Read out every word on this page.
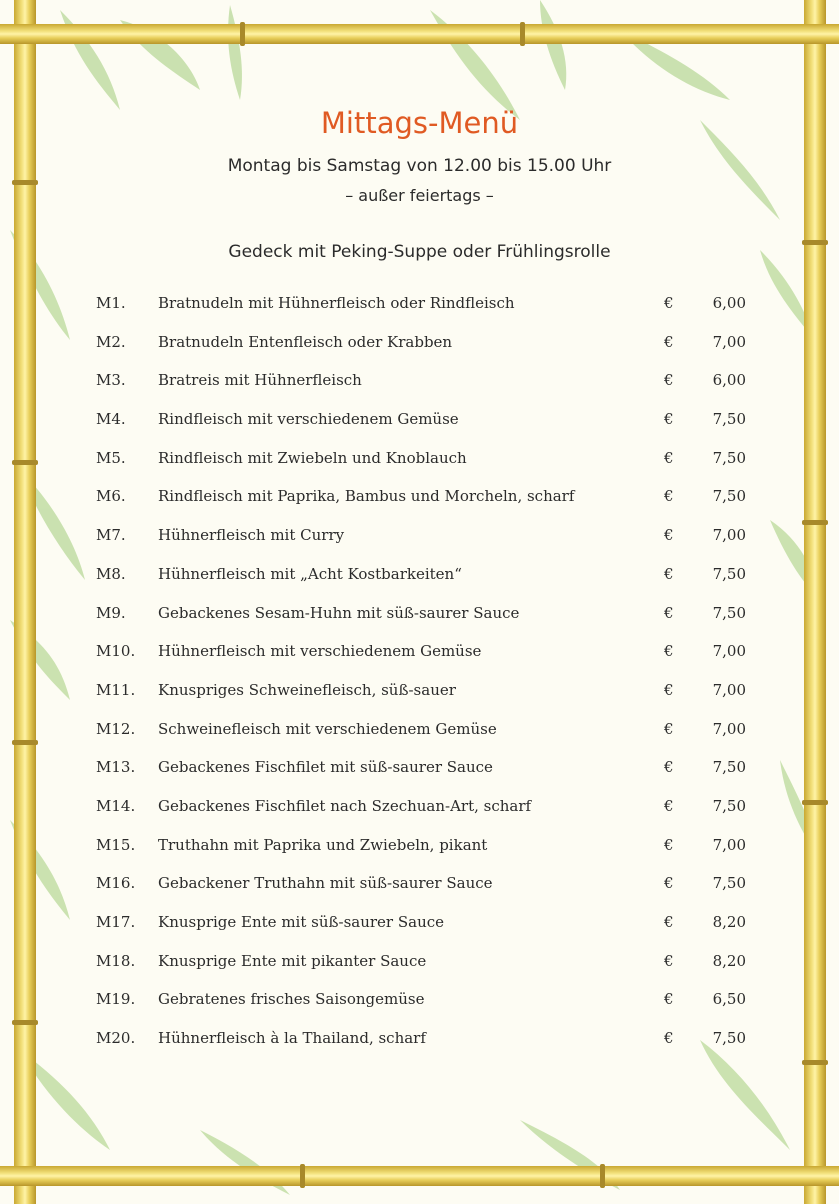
Mittags-Menü
Montag bis Samstag von 12.00 bis 15.00 Uhr
– außer feiertags –
Gedeck mit Peking-Suppe oder Frühlingsrolle
M1. Bratnudeln mit Hühnerfleisch oder Rindfleisch	€	6,00
M2. Bratnudeln Entenfleisch oder Krabben	€	7,00
M3. Bratreis mit Hühnerfleisch	€	6,00
M4. Rindfleisch mit verschiedenem Gemüse	€	7,50
M5. Rindfleisch mit Zwiebeln und Knoblauch	€	7,50
M6. Rindfleisch mit Paprika, Bambus und Morcheln, scharf	€	7,50
M7. Hühnerfleisch mit Curry	€	7,00
M8. Hühnerfleisch mit „Acht Kostbarkeiten“	€	7,50
M9. Gebackenes Sesam-Huhn mit süß-saurer Sauce	€	7,50
M10. Hühnerfleisch mit verschiedenem Gemüse	€	7,00
M11. Knuspriges Schweinefleisch, süß-sauer	€	7,00
M12. Schweinefleisch mit verschiedenem Gemüse	€	7,00
M13. Gebackenes Fischfilet mit süß-saurer Sauce	€	7,50
M14. Gebackenes Fischfilet nach Szechuan-Art, scharf	€	7,50
M15. Truthahn mit Paprika und Zwiebeln, pikant	€	7,00
M16. Gebackener Truthahn mit süß-saurer Sauce	€	7,50
M17. Knusprige Ente mit süß-saurer Sauce	€	8,20
M18. Knusprige Ente mit pikanter Sauce	€	8,20
M19. Gebratenes frisches Saisongemüse	€	6,50
M20. Hühnerfleisch à la Thailand, scharf	€	7,50
